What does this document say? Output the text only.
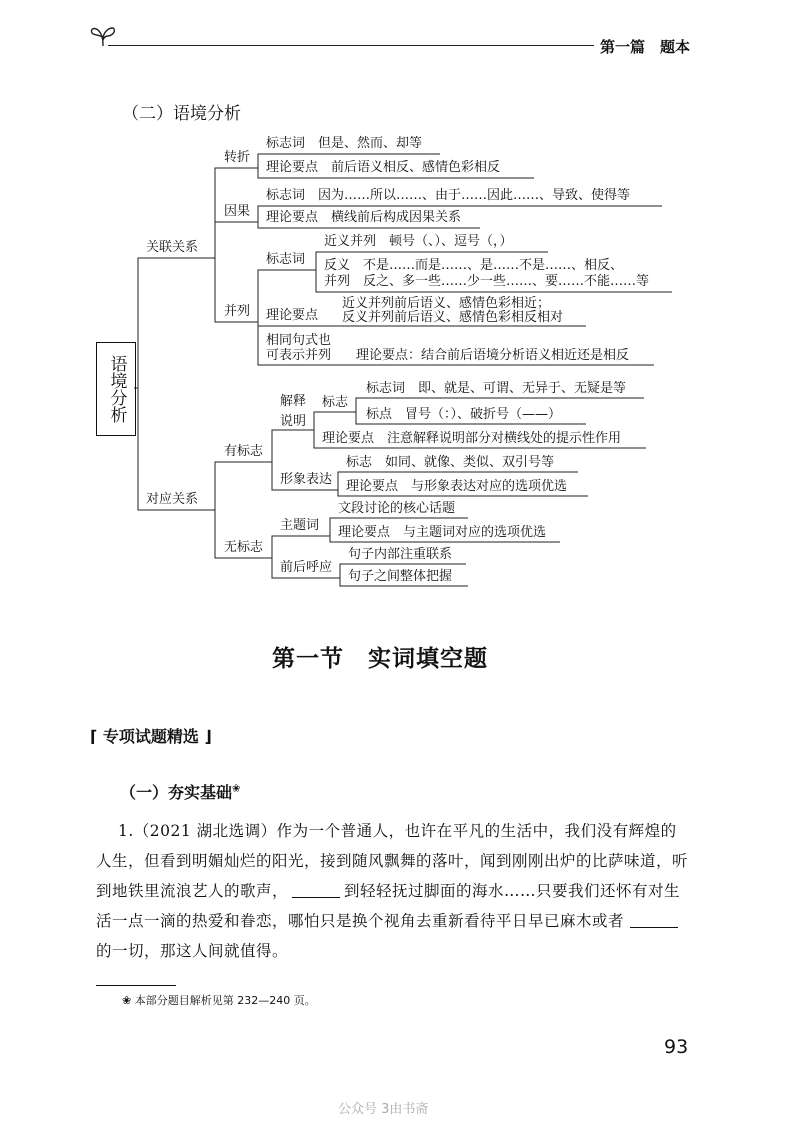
第一篇　题本
（二）语境分析
语境分析
关联关系
对应关系
转折
标志词　但是、然而、却等
理论要点　前后语义相反、感情色彩相反
因果
标志词　因为……所以……、由于……因此……、导致、使得等
理论要点　横线前后构成因果关系
并列
标志词
近义并列　顿号（、）、逗号（，）
反义　不是……而是……、是……不是……、相反、
并列　反之、多一些……少一些……、要……不能……等
理论要点
近义并列前后语义、感情色彩相近；
反义并列前后语义、感情色彩相反相对
相同句式也
可表示并列 理论要点：结合前后语境分析语义相近还是相反
有标志
解释
说明
标志
标志词　即、就是、可谓、无异于、无疑是等
标点　冒号（：）、破折号（——）
理论要点　注意解释说明部分对横线处的提示性作用
形象表达
标志　如同、就像、类似、双引号等
理论要点　与形象表达对应的选项优选
无标志
主题词
文段讨论的核心话题
理论要点　与主题词对应的选项优选
前后呼应
句子内部注重联系
句子之间整体把握
第一节　实词填空题
⌈ 专项试题精选 ⌋
（一）夯实基础❀
1.（2021 湖北选调）作为一个普通人，也许在平凡的生活中，我们没有辉煌的
人生，但看到明媚灿烂的阳光，接到随风飘舞的落叶，闻到刚刚出炉的比萨味道，听
到地铁里流浪艺人的歌声，	到轻轻抚过脚面的海水……只要我们还怀有对生
活一点一滴的热爱和眷恋，哪怕只是换个视角去重新看待平日早已麻木或者
的一切，那这人间就值得。
❀ 本部分题目解析见第 232—240 页。
93
公众号 3由书斋
